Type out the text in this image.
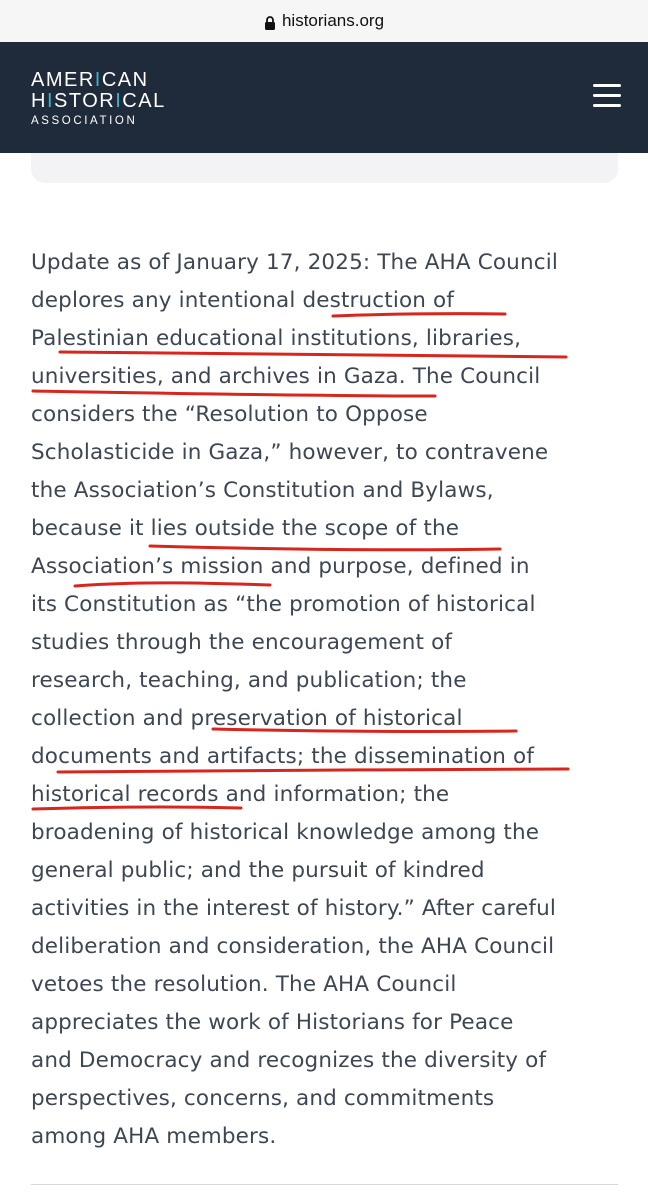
historians.org
AMERICAN
HISTORICAL
ASSOCIATION
Update as of January 17, 2025: The AHA Council
deplores any intentional destruction of
Palestinian educational institutions, libraries,
universities, and archives in Gaza. The Council
considers the “Resolution to Oppose
Scholasticide in Gaza,” however, to contravene
the Association’s Constitution and Bylaws,
because it lies outside the scope of the
Association’s mission and purpose, defined in
its Constitution as “the promotion of historical
studies through the encouragement of
research, teaching, and publication; the
collection and preservation of historical
documents and artifacts; the dissemination of
historical records and information; the
broadening of historical knowledge among the
general public; and the pursuit of kindred
activities in the interest of history.” After careful
deliberation and consideration, the AHA Council
vetoes the resolution. The AHA Council
appreciates the work of Historians for Peace
and Democracy and recognizes the diversity of
perspectives, concerns, and commitments
among AHA members.
